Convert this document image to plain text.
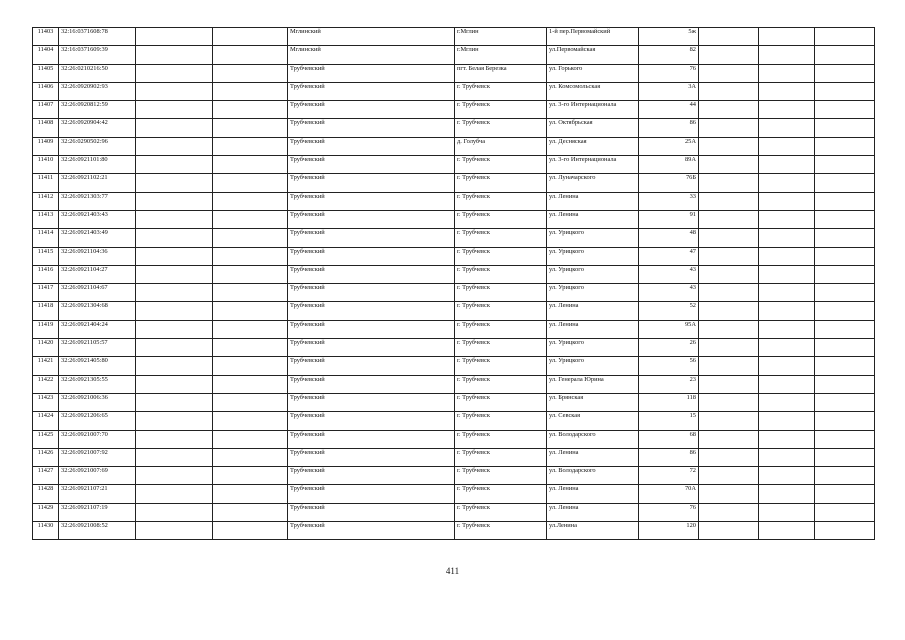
11403	32:16:0371608:78			Мглинский	г.Мглин	1-й пер.Первомайский	5ж			
11404	32:16:0371609:39			Мглинский	г.Мглин	ул.Первомайская	82			
11405	32:26:0210216:50			Трубчевский	пгт. Белая Березка	ул. Горького	76			
11406	32:26:0920902:93			Трубчевский	г. Трубчевск	ул. Комсомольская	3А			
11407	32:26:0920812:59			Трубчевский	г. Трубчевск	ул. 3-го Интернационала	44			
11408	32:26:0920904:42			Трубчевский	г. Трубчевск	ул. Октябрьская	86			
11409	32:26:0290502:96			Трубчевский	д. Голубча	ул. Десняская	25А			
11410	32:26:0921101:80			Трубчевский	г. Трубчевск	ул. 3-го Интернационала	89А			
11411	32:26:0921102:21			Трубчевский	г. Трубчевск	ул. Луначарского	76Б			
11412	32:26:0921303:77			Трубчевский	г. Трубчевск	ул. Ленина	33			
11413	32:26:0921403:43			Трубчевский	г. Трубчевск	ул. Ленина	91			
11414	32:26:0921403:49			Трубчевский	г. Трубчевск	ул. Урицкого	48			
11415	32:26:0921104:36			Трубчевский	г. Трубчевск	ул. Урицкого	47			
11416	32:26:0921104:27			Трубчевский	г. Трубчевск	ул. Урицкого	43			
11417	32:26:0921104:67			Трубчевский	г. Трубчевск	ул. Урицкого	43			
11418	32:26:0921304:68			Трубчевский	г. Трубчевск	ул. Ленина	52			
11419	32:26:0921404:24			Трубчевский	г. Трубчевск	ул. Ленина	95А			
11420	32:26:0921105:57			Трубчевский	г. Трубчевск	ул. Урицкого	26			
11421	32:26:0921405:80			Трубчевский	г. Трубчевск	ул. Урицкого	56			
11422	32:26:0921305:55			Трубчевский	г. Трубчевск	ул. Генерала Юрина	23			
11423	32:26:0921006:36			Трубчевский	г. Трубчевск	ул. Брянская	118			
11424	32:26:0921206:65			Трубчевский	г. Трубчевск	ул. Севская	15			
11425	32:26:0921007:70			Трубчевский	г. Трубчевск	ул. Володарского	68			
11426	32:26:0921007:92			Трубчевский	г. Трубчевск	ул. Ленина	86			
11427	32:26:0921007:69			Трубчевский	г. Трубчевск	ул. Володарского	72			
11428	32:26:0921107:21			Трубчевский	г. Трубчевск	ул. Ленина	70А			
11429	32:26:0921107:19			Трубчевский	г. Трубчевск	ул. Ленина	76			
11430	32:26:0921008:52			Трубчевский	г. Трубчевск	ул.Ленина	120			
411
